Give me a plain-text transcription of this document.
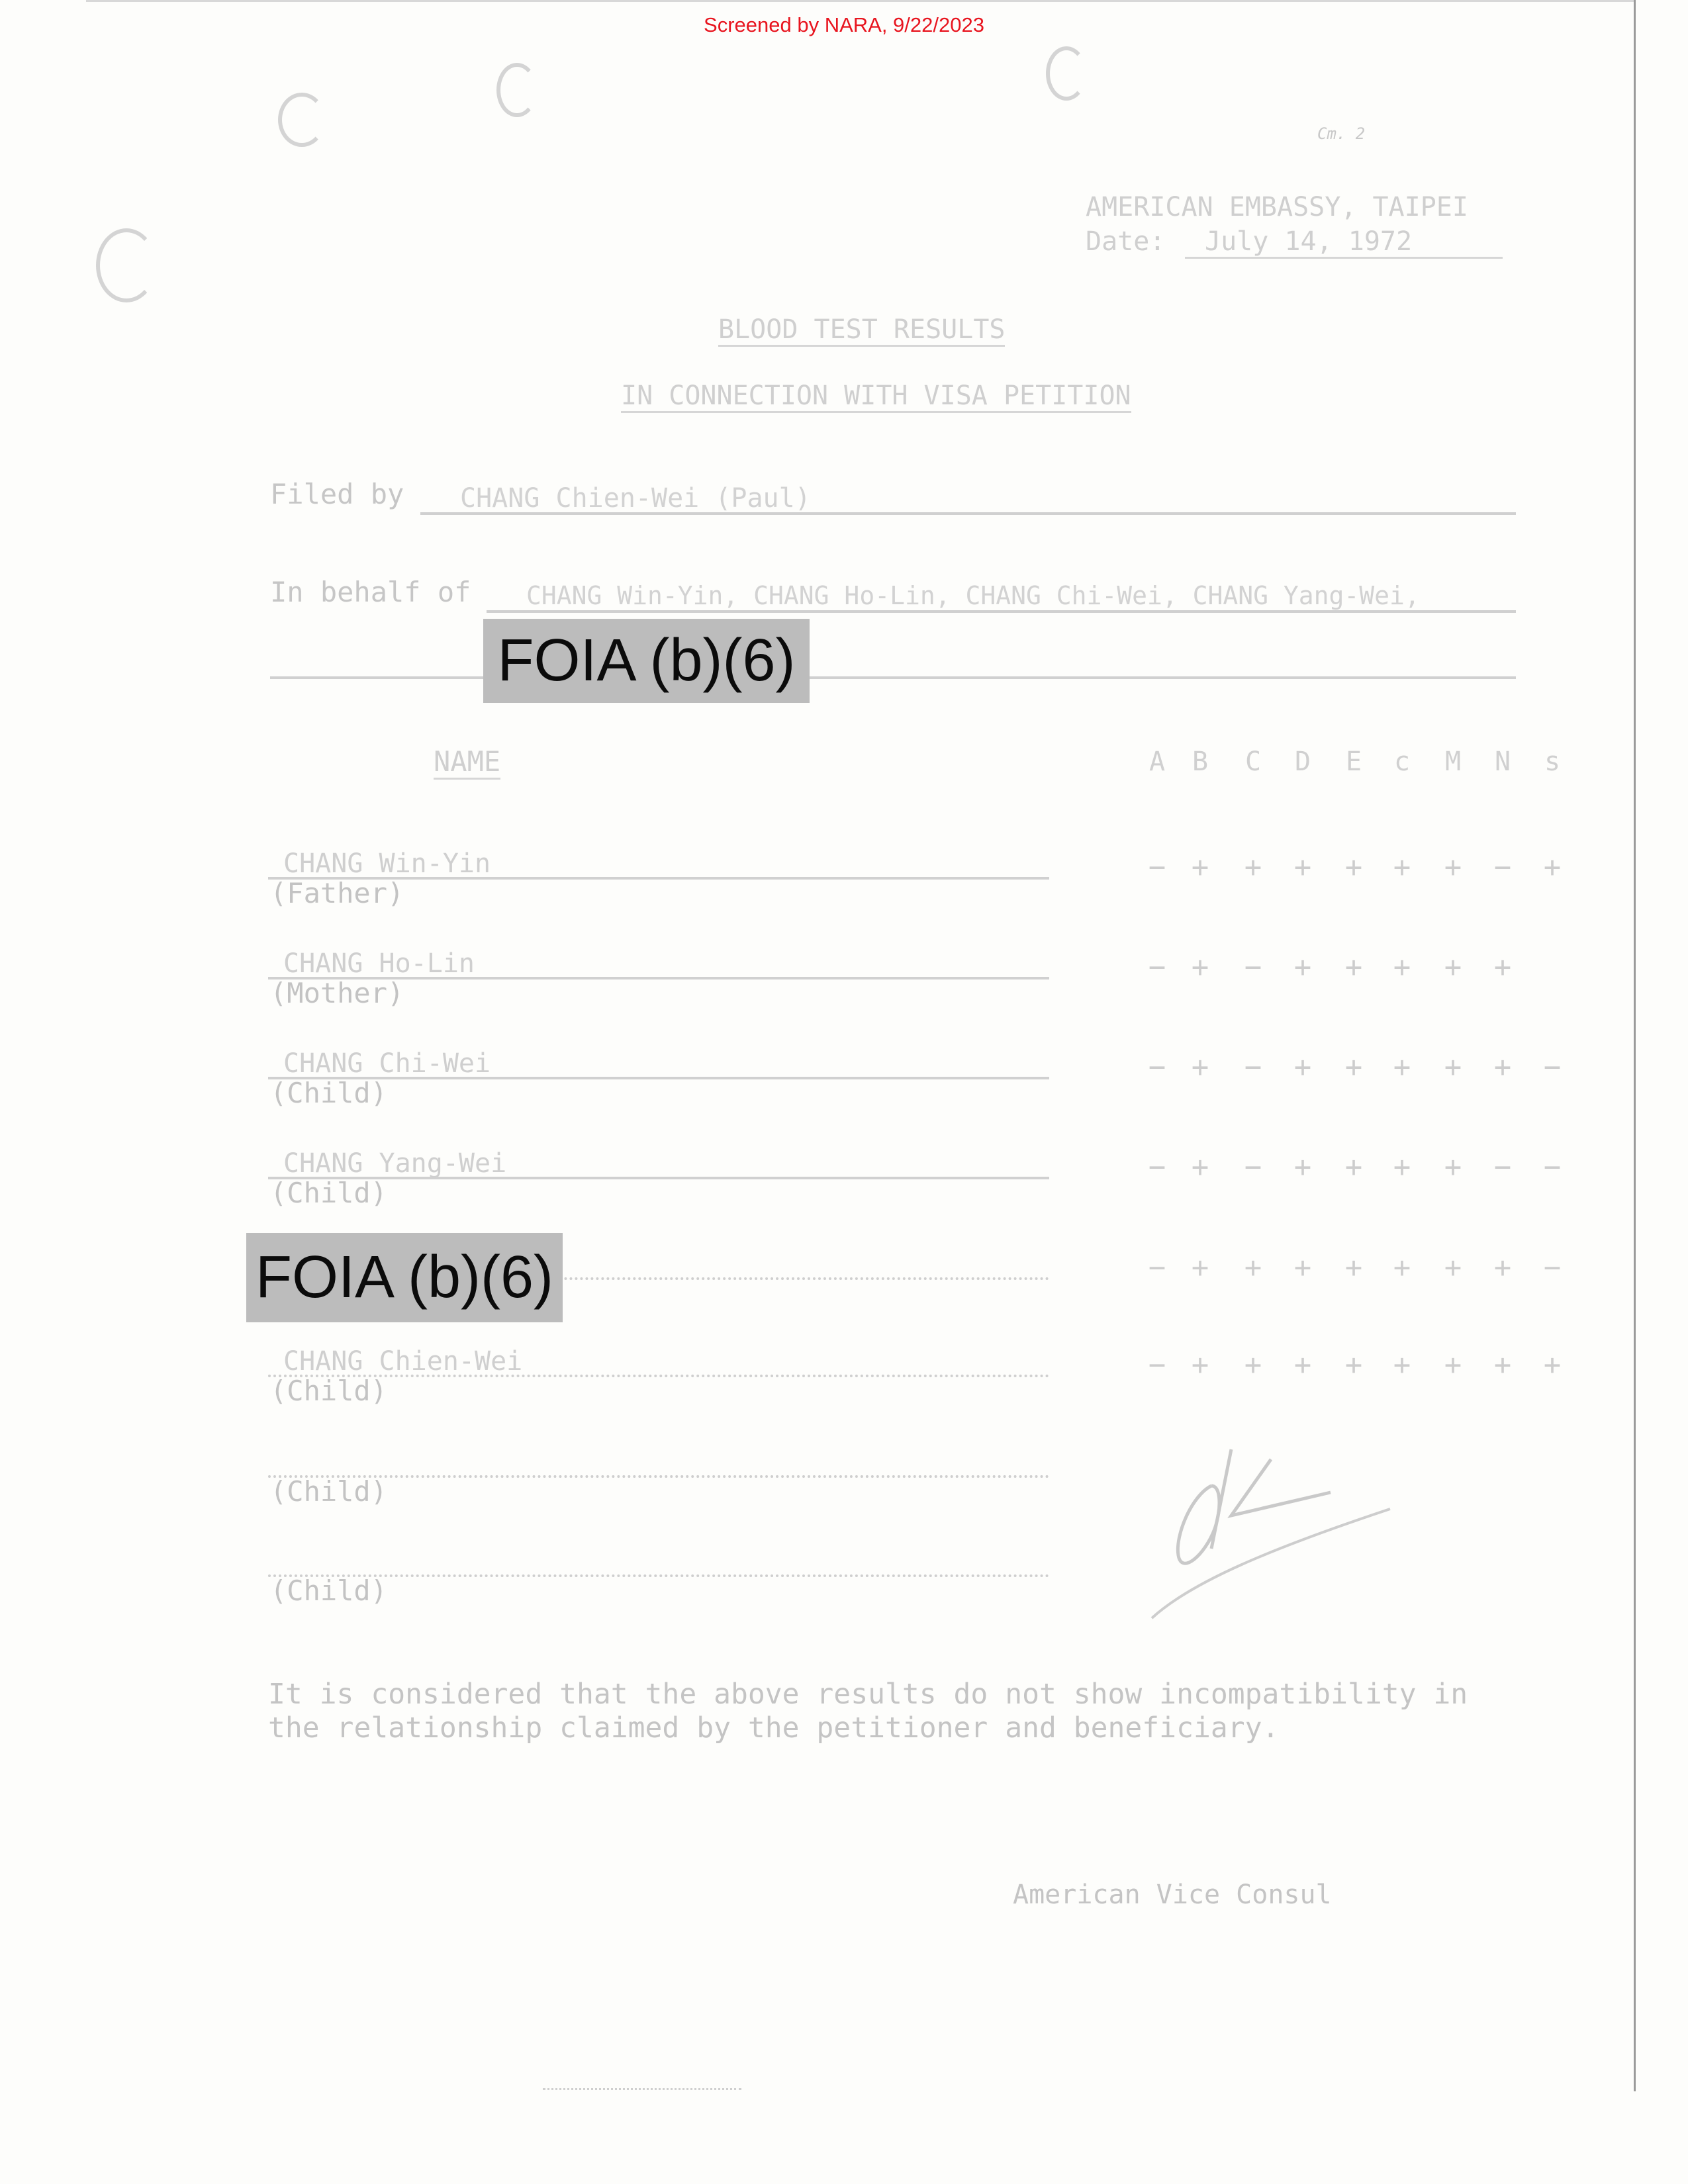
Screened by NARA, 9/22/2023
Cm. 2
AMERICAN EMBASSY, TAIPEI
Date:	July 14, 1972
BLOOD TEST RESULTS
IN CONNECTION WITH VISA PETITION
Filed by CHANG Chien-Wei (Paul)
In behalf of CHANG Win-Yin, CHANG Ho-Lin, CHANG Chi-Wei, CHANG Yang-Wei,
FOIA (b)(6)
NAME	A B C D E c M N s
CHANG Win-Yin
(Father)
− + + + + + + − +
CHANG Ho-Lin
(Mother)
− + − + + + + +
CHANG Chi-Wei
(Child)
− + − + + + + + −
CHANG Yang-Wei
(Child)
− + − + + + + − −
− + + + + + + + −
CHANG Chien-Wei
(Child)
− + + + + + + + +
(Child)
(Child)
FOIA (b)(6)
It is considered that the above results do not show incompatibility in
the relationship claimed by the petitioner and beneficiary.
American Vice Consul
